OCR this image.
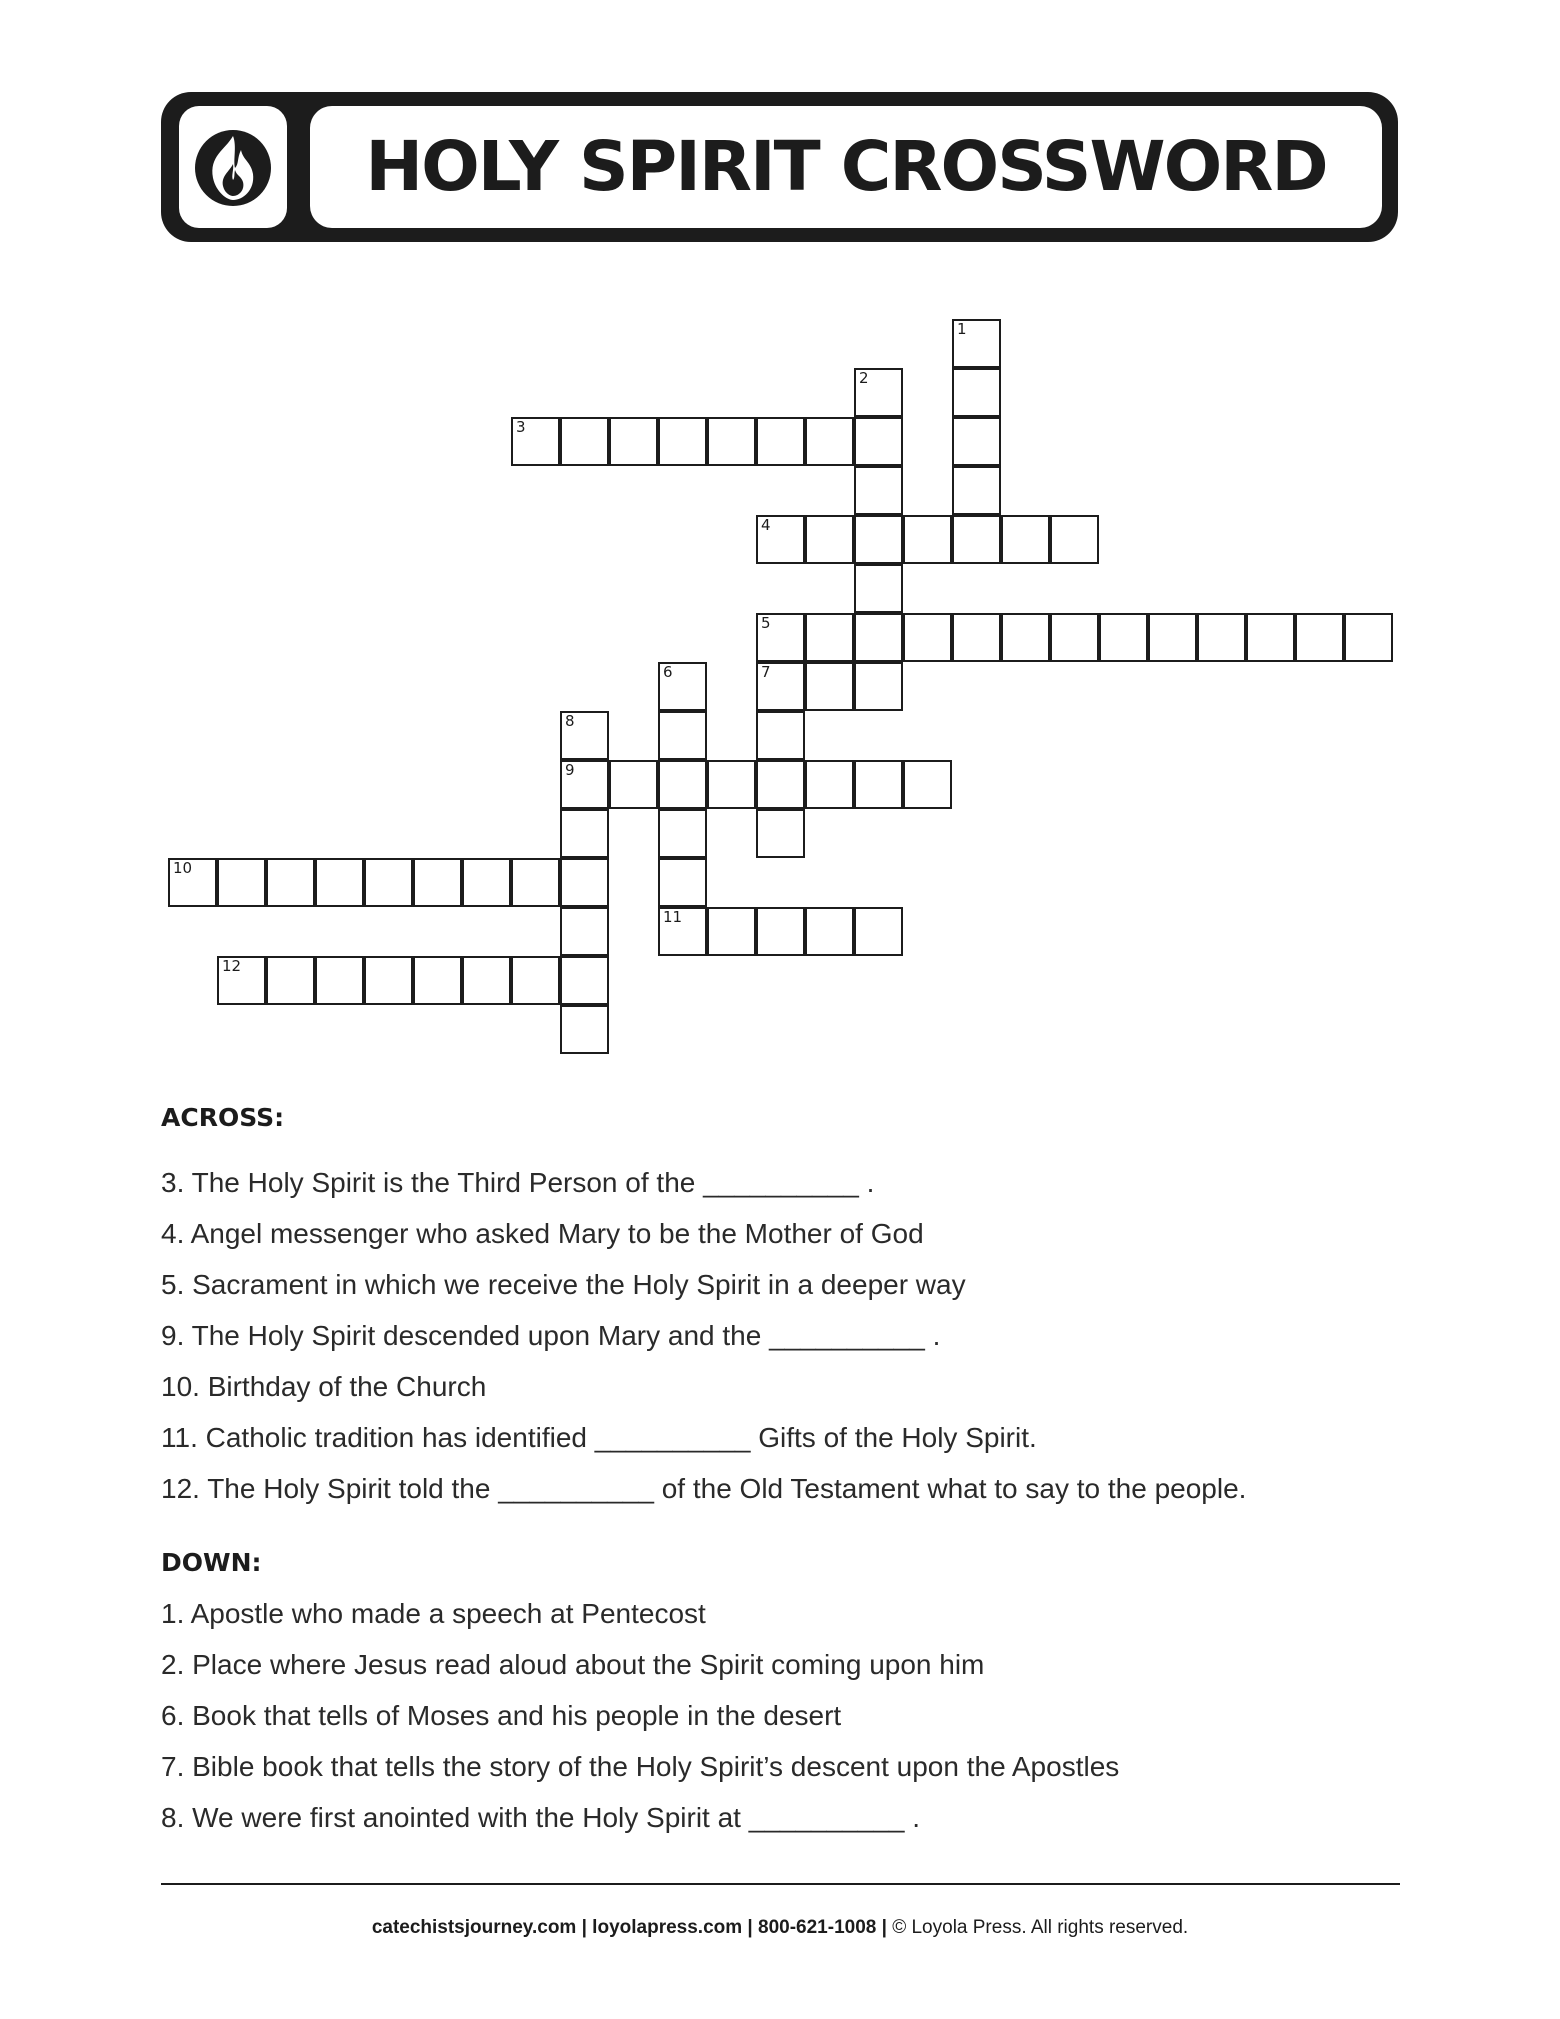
HOLY SPIRIT CROSSWORD
1
2
3
4
5
6	7
8
9
10
11
12
ACROSS:
3. The Holy Spirit is the Third Person of the __________ .
4. Angel messenger who asked Mary to be the Mother of God
5. Sacrament in which we receive the Holy Spirit in a deeper way
9. The Holy Spirit descended upon Mary and the __________ .
10. Birthday of the Church
11. Catholic tradition has identified __________ Gifts of the Holy Spirit.
12. The Holy Spirit told the __________ of the Old Testament what to say to the people.
DOWN:
1. Apostle who made a speech at Pentecost
2. Place where Jesus read aloud about the Spirit coming upon him
6. Book that tells of Moses and his people in the desert
7. Bible book that tells the story of the Holy Spirit’s descent upon the Apostles
8. We were first anointed with the Holy Spirit at __________ .
catechistsjourney.com | loyolapress.com | 800-621-1008 | © Loyola Press. All rights reserved.
